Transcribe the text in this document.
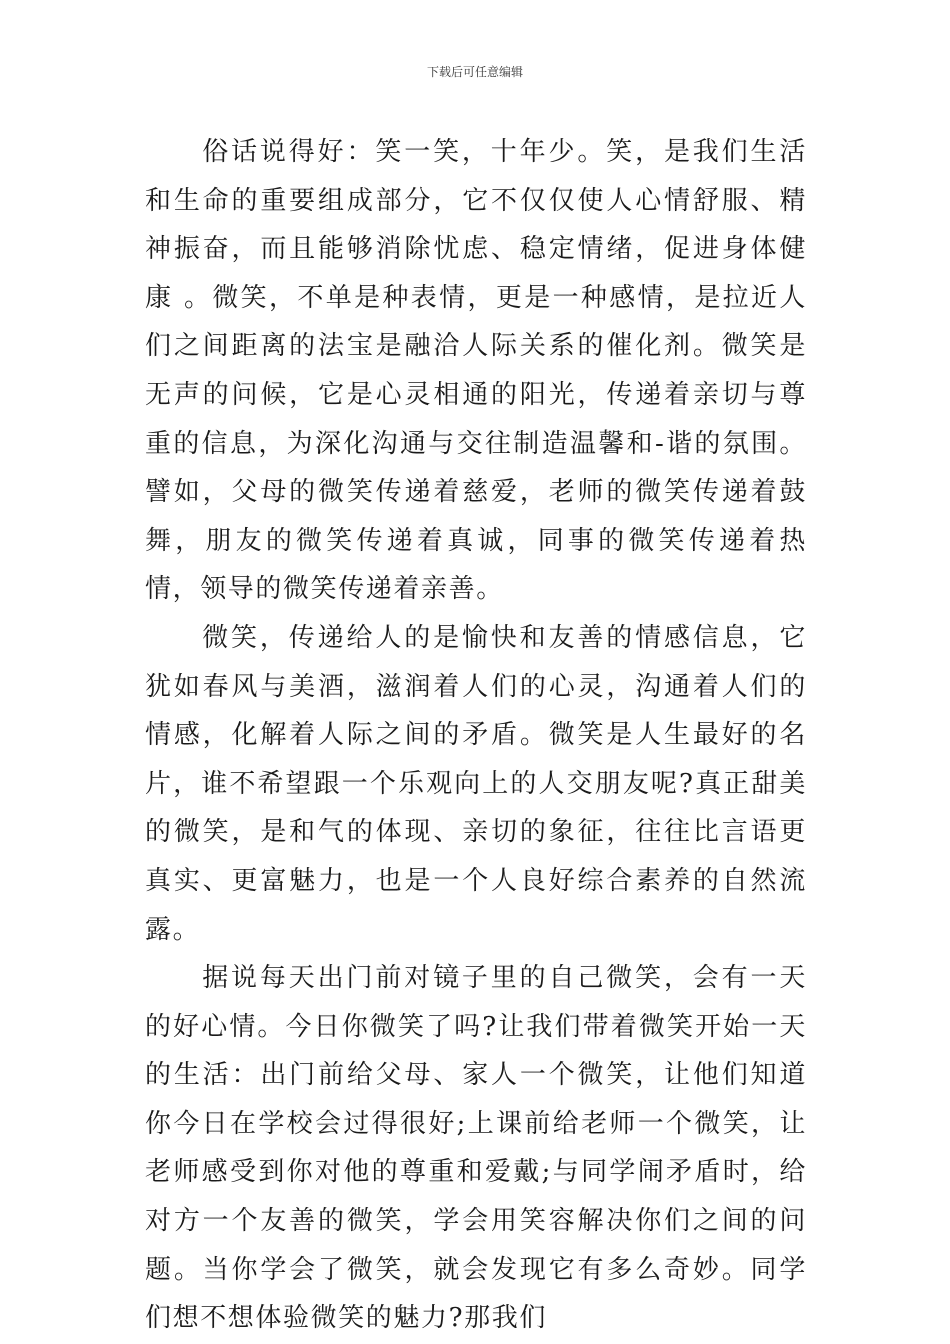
下载后可任意编辑

俗话说得好：笑一笑，十年少。笑，是我们生活和生命的重要组成部分，它不仅仅使人心情舒服、精神振奋，而且能够消除忧虑、稳定情绪，促进身体健康 。微笑，不单是种表情，更是一种感情，是拉近人们之间距离的法宝是融洽人际关系的催化剂。微笑是无声的问候，它是心灵相通的阳光，传递着亲切与尊重的信息，为深化沟通与交往制造温馨和-谐的氛围。譬如，父母的微笑传递着慈爱，老师的微笑传递着鼓舞，朋友的微笑传递着真诚，同事的微笑传递着热情，领导的微笑传递着亲善。

微笑，传递给人的是愉快和友善的情感信息，它犹如春风与美酒，滋润着人们的心灵，沟通着人们的情感，化解着人际之间的矛盾。微笑是人生最好的名片，谁不希望跟一个乐观向上的人交朋友呢?真正甜美的微笑，是和气的体现、亲切的象征，往往比言语更真实、更富魅力，也是一个人良好综合素养的自然流露。

据说每天出门前对镜子里的自己微笑，会有一天的好心情。今日你微笑了吗?让我们带着微笑开始一天的生活：出门前给父母、家人一个微笑，让他们知道你今日在学校会过得很好;上课前给老师一个微笑，让老师感受到你对他的尊重和爱戴;与同学闹矛盾时，给对方一个友善的微笑，学会用笑容解决你们之间的问题。当你学会了微笑，就会发现它有多么奇妙。同学们想不想体验微笑的魅力?那我们
